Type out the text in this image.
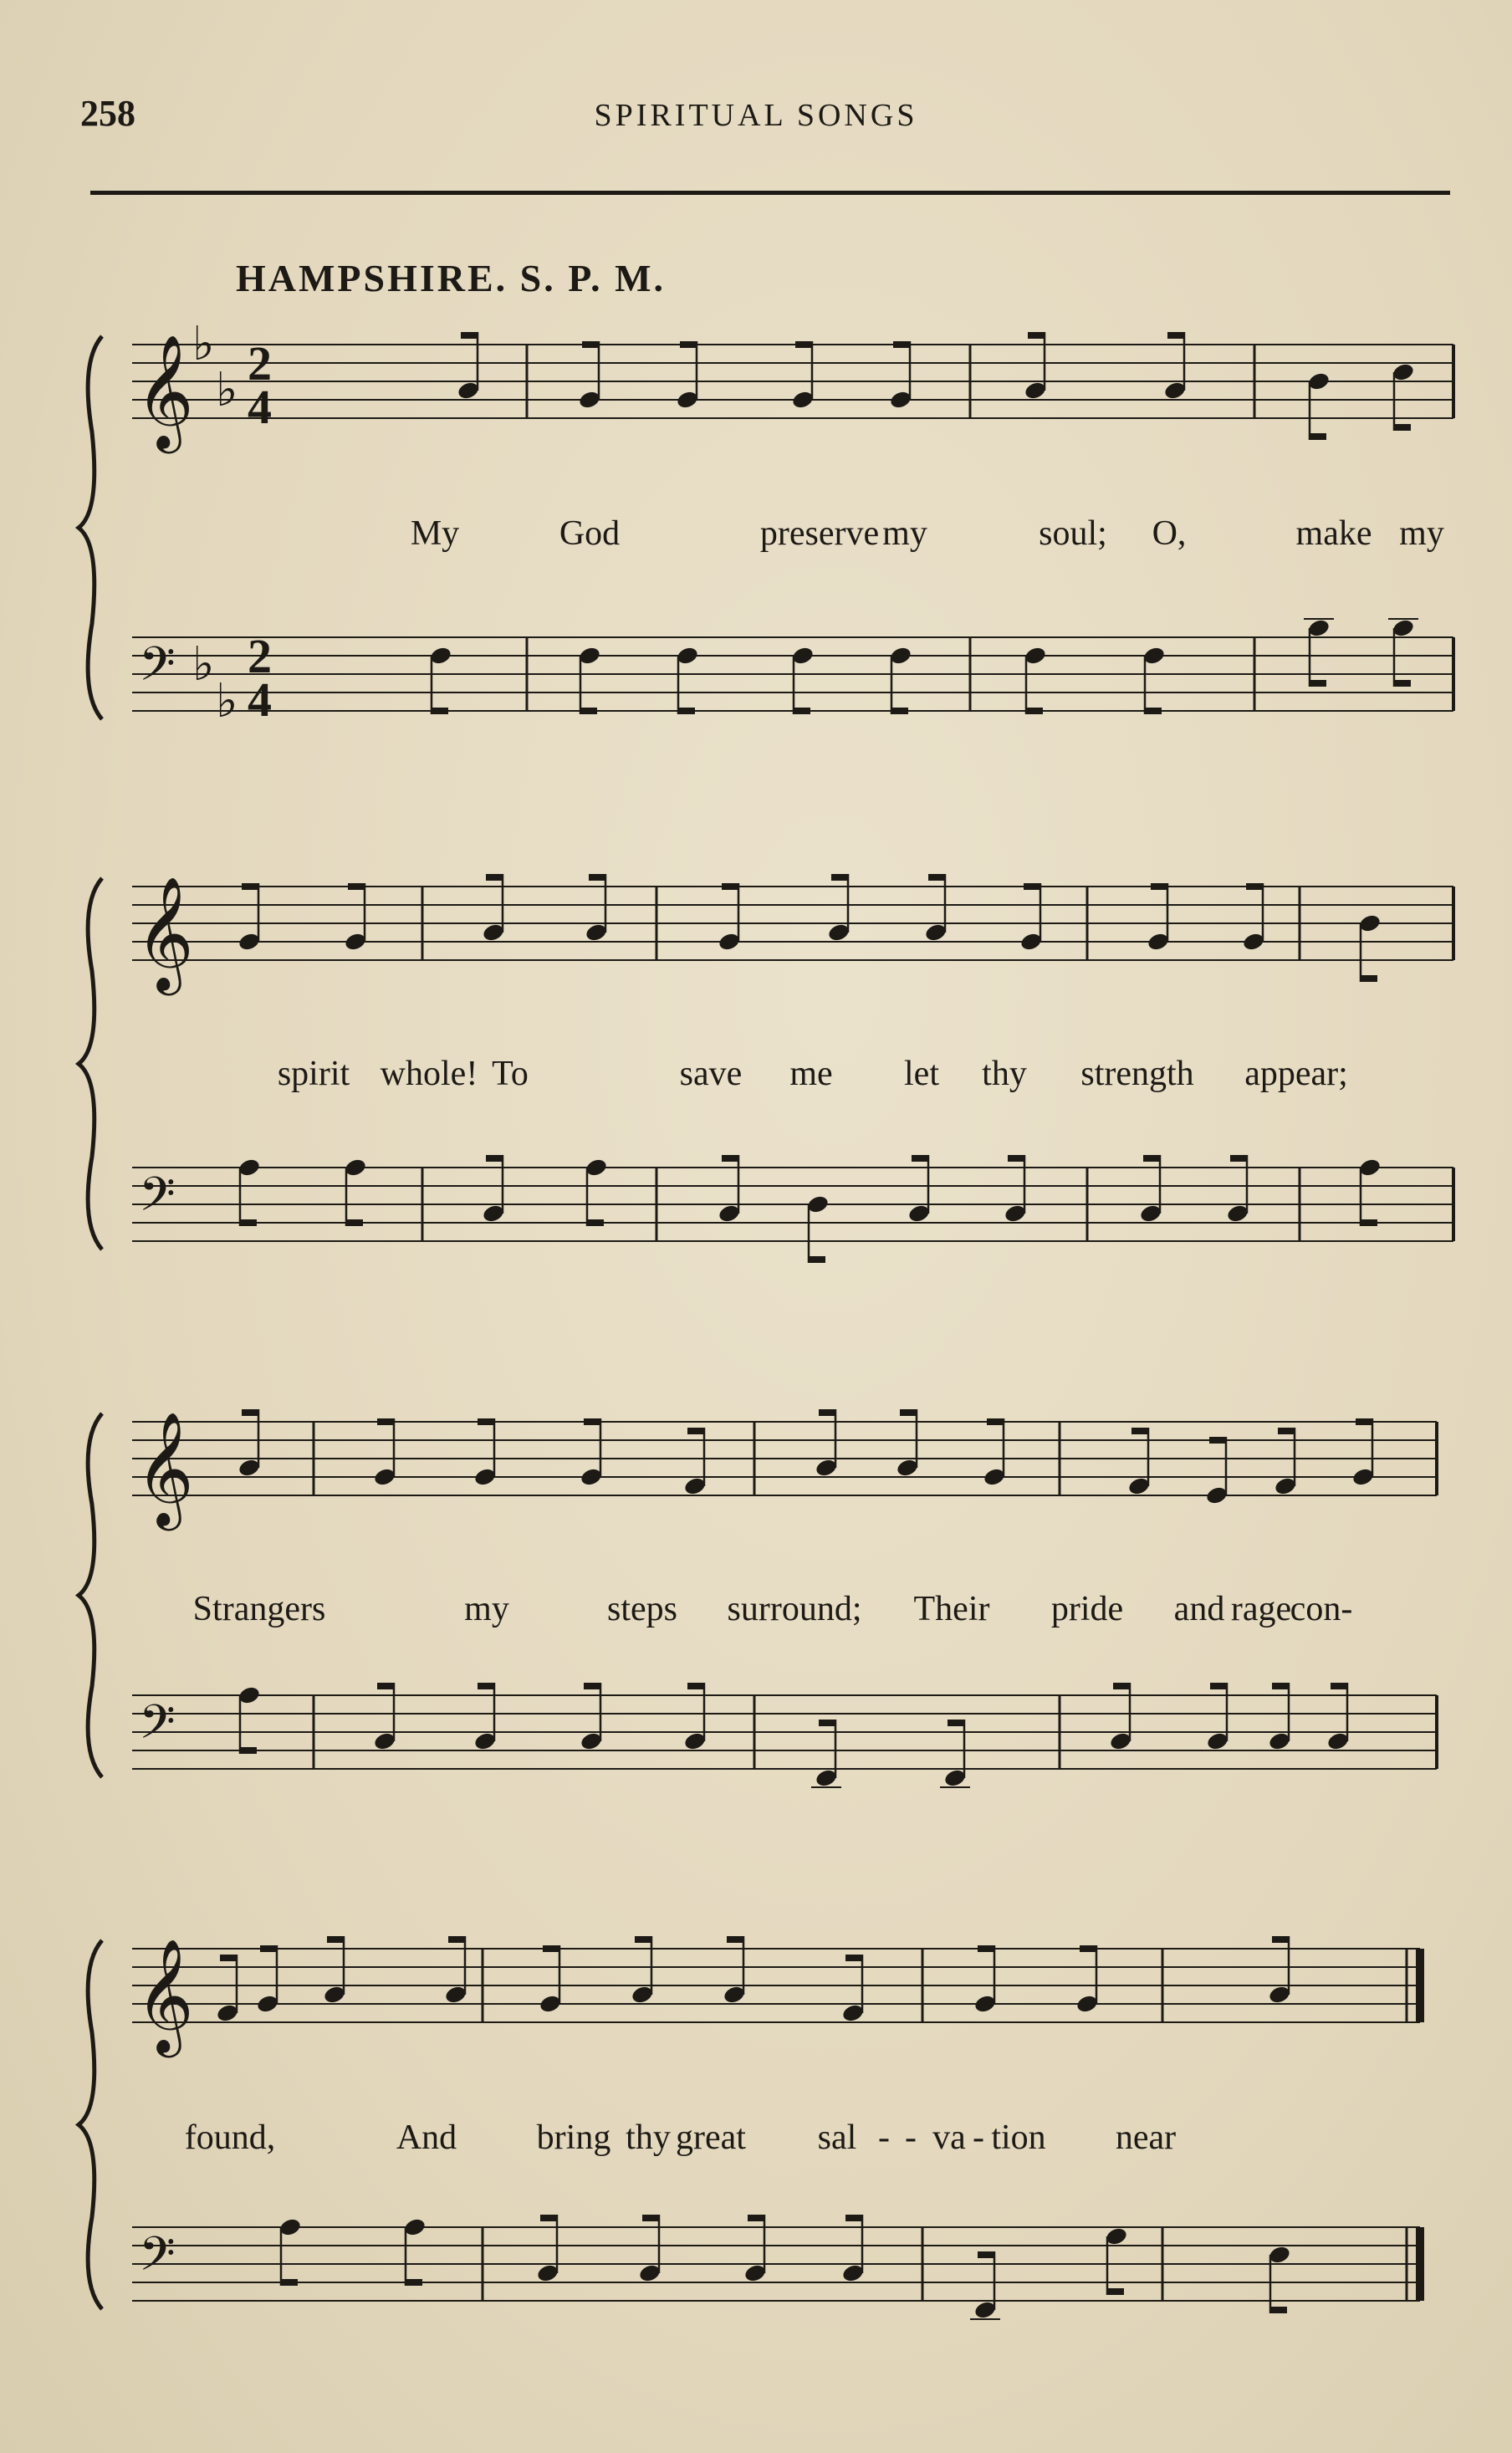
258	SPIRITUAL SONGS
HAMPSHIRE. S. P. M.
𝄞
𝄢
♭
♭ 2
4
♭
♭
2
4
𝄞
𝄢
𝄞
𝄢
𝄞
𝄢
My	God	preserve my	soul; O,	make my
spirit whole! To	save me let thy strength appear;
Strangers	my	steps surround; Their pride and rage
con-
found,	And bring thy great sal - - va - tion near
